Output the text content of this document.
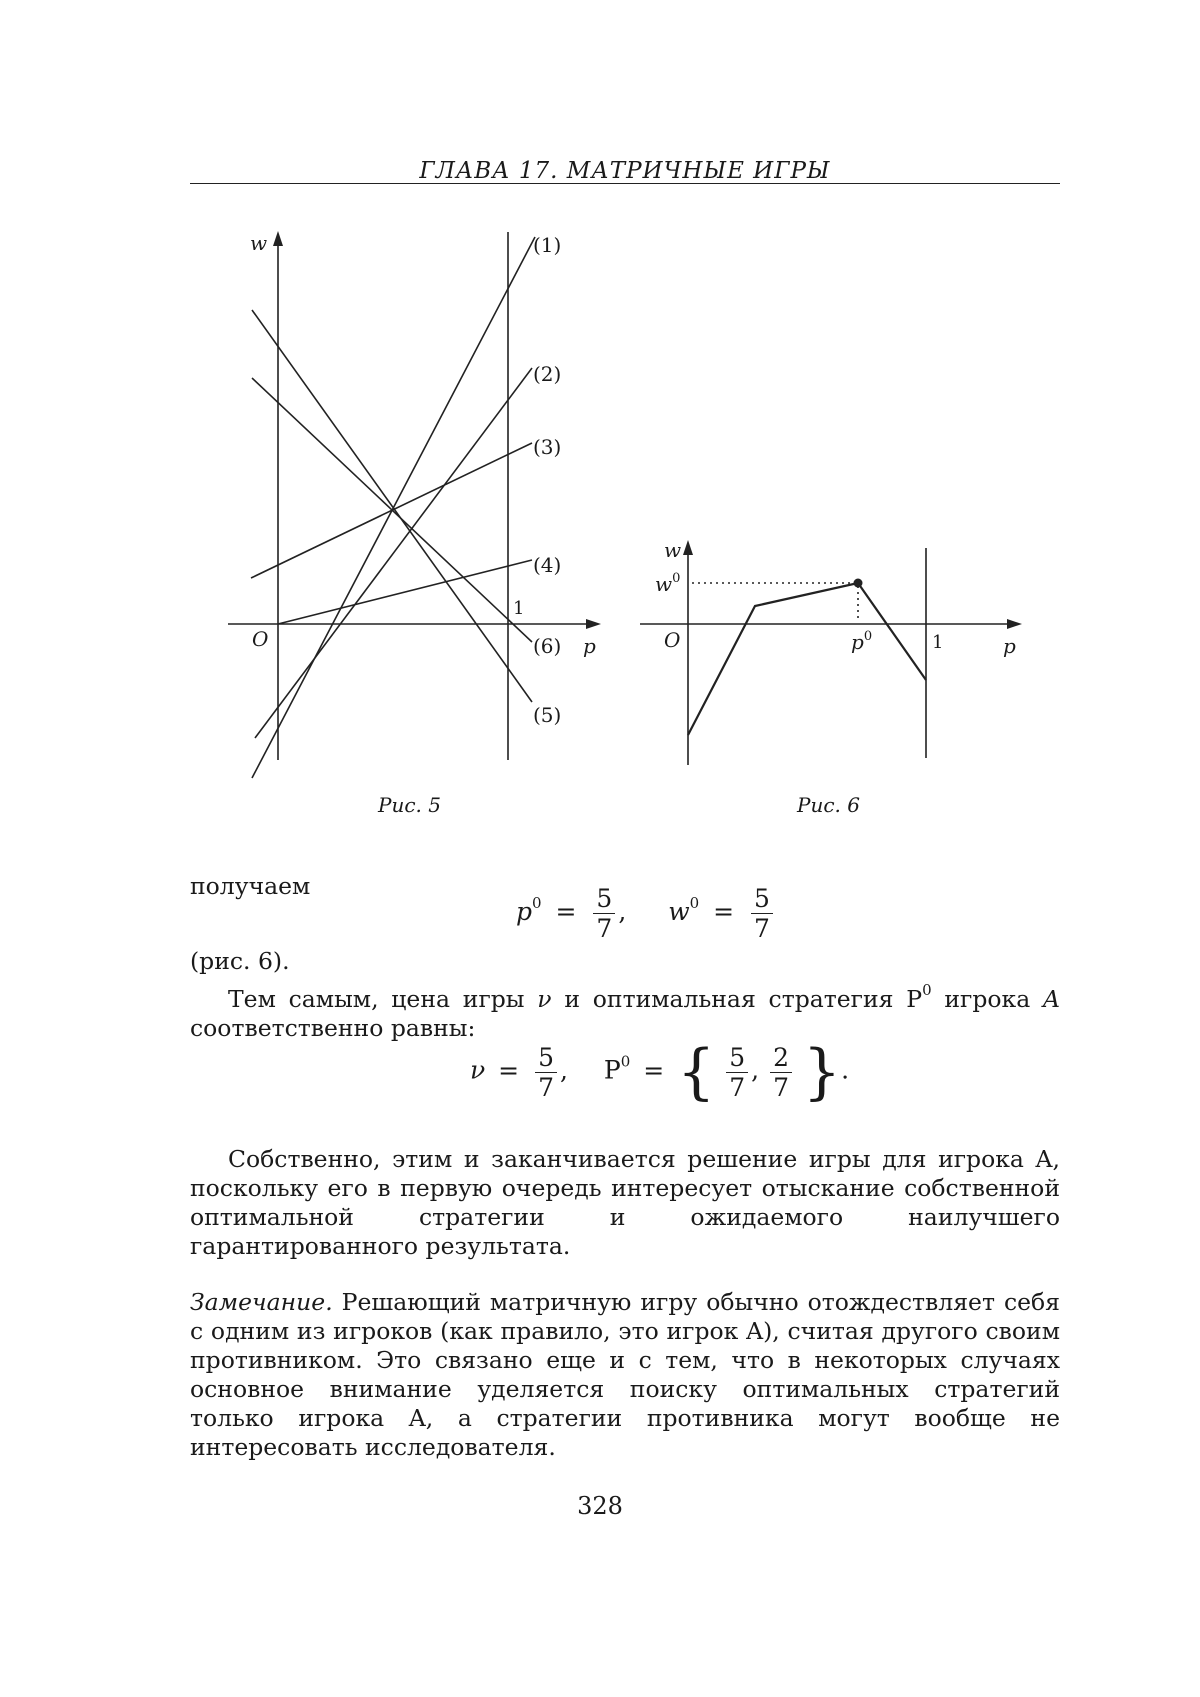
ГЛАВА 17. МАТРИЧНЫЕ ИГРЫ
w
p
O
1
(1)
(2)
(3)
(4)
(5)
(6)
Рис. 5
w
$w^0$
O	$p^0$	1	p
Рис. 6
получаем
$p^0 = \frac{5}{7}$ , $w^0 = \frac{5}{7}$
(рис. 6).
Тем самым, цена игры ν и оптимальная стратегия $P^0$ игрока A соответственно равны:
$\nu = \frac{5}{7}$ , $P^0$ = { $\frac{5}{7}$ , $\frac{2}{7}$ }.
Собственно, этим и заканчивается решение игры для игрока A, поскольку его в первую очередь интересует отыскание собственной оптимальной стратегии и ожидаемого наилучшего гарантированного результата.
Замечание. Решающий матричную игру обычно отождествляет себя с одним из игроков (как правило, это игрок A), считая другого своим противником. Это связано еще и с тем, что в некоторых случаях основное внимание уделяется поиску оптимальных стратегий только игрока A, а стратегии противника могут вообще не интересовать исследователя.
328
